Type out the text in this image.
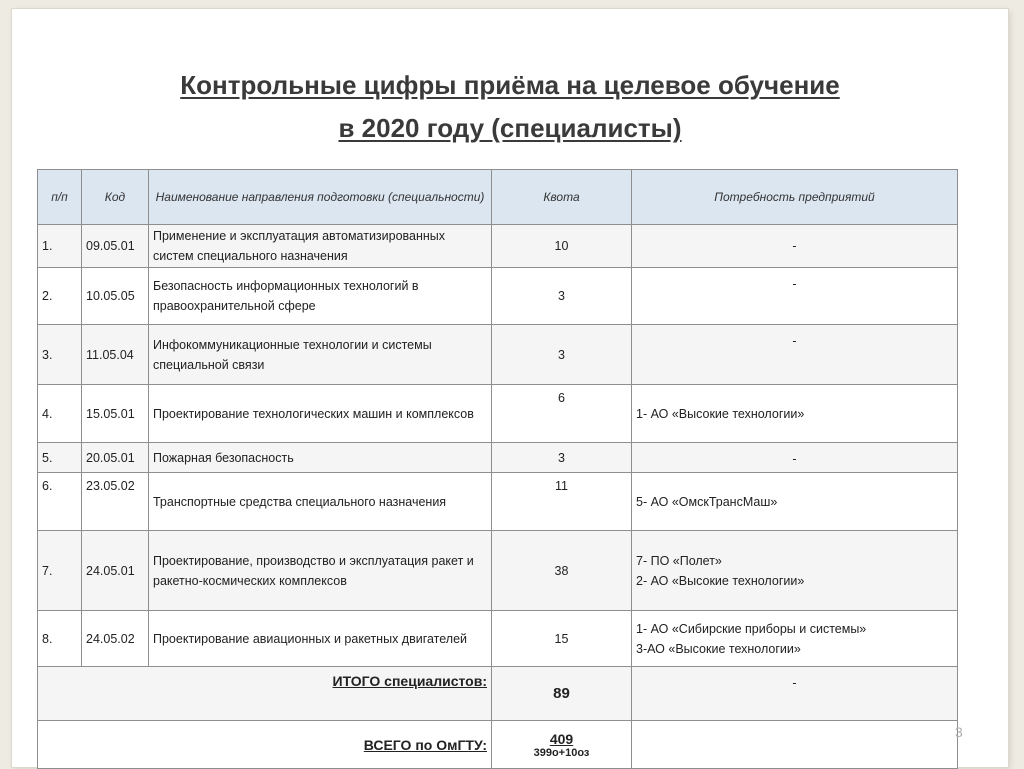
Контрольные цифры приёма на целевое обучение
в 2020 году (специалисты)
п/п	Код	Наименование направления подготовки (специальности)	Квота	Потребность предприятий
1.	09.05.01	Применение и эксплуатация автоматизированных систем специального назначения	10	-

2.	10.05.05	Безопасность информационных технологий в правоохранительной сфере	3	-

3.	11.05.04	Инфокоммуникационные технологии и системы специальной связи	3	-

4.	15.05.01	Проектирование технологических машин и комплексов	6	1- АО «Высокие технологии»
5.	20.05.01	Пожарная безопасность	3	-

6.	23.05.02	Транспортные средства специального назначения	11	5- АО «ОмскТрансМаш»
7.	24.05.01	Проектирование, производство и эксплуатация ракет и ракетно-космических комплексов	38	7- ПО «Полет»
2- АО «Высокие технологии»

8.	24.05.02	Проектирование авиационных и ракетных двигателей	15	1- АО «Сибирские приборы и системы»
3-АО «Высокие технологии»

ИТОГО специалистов:			89	-

ВСЕГО по ОмГТУ:			409
399о+10оз	

3
